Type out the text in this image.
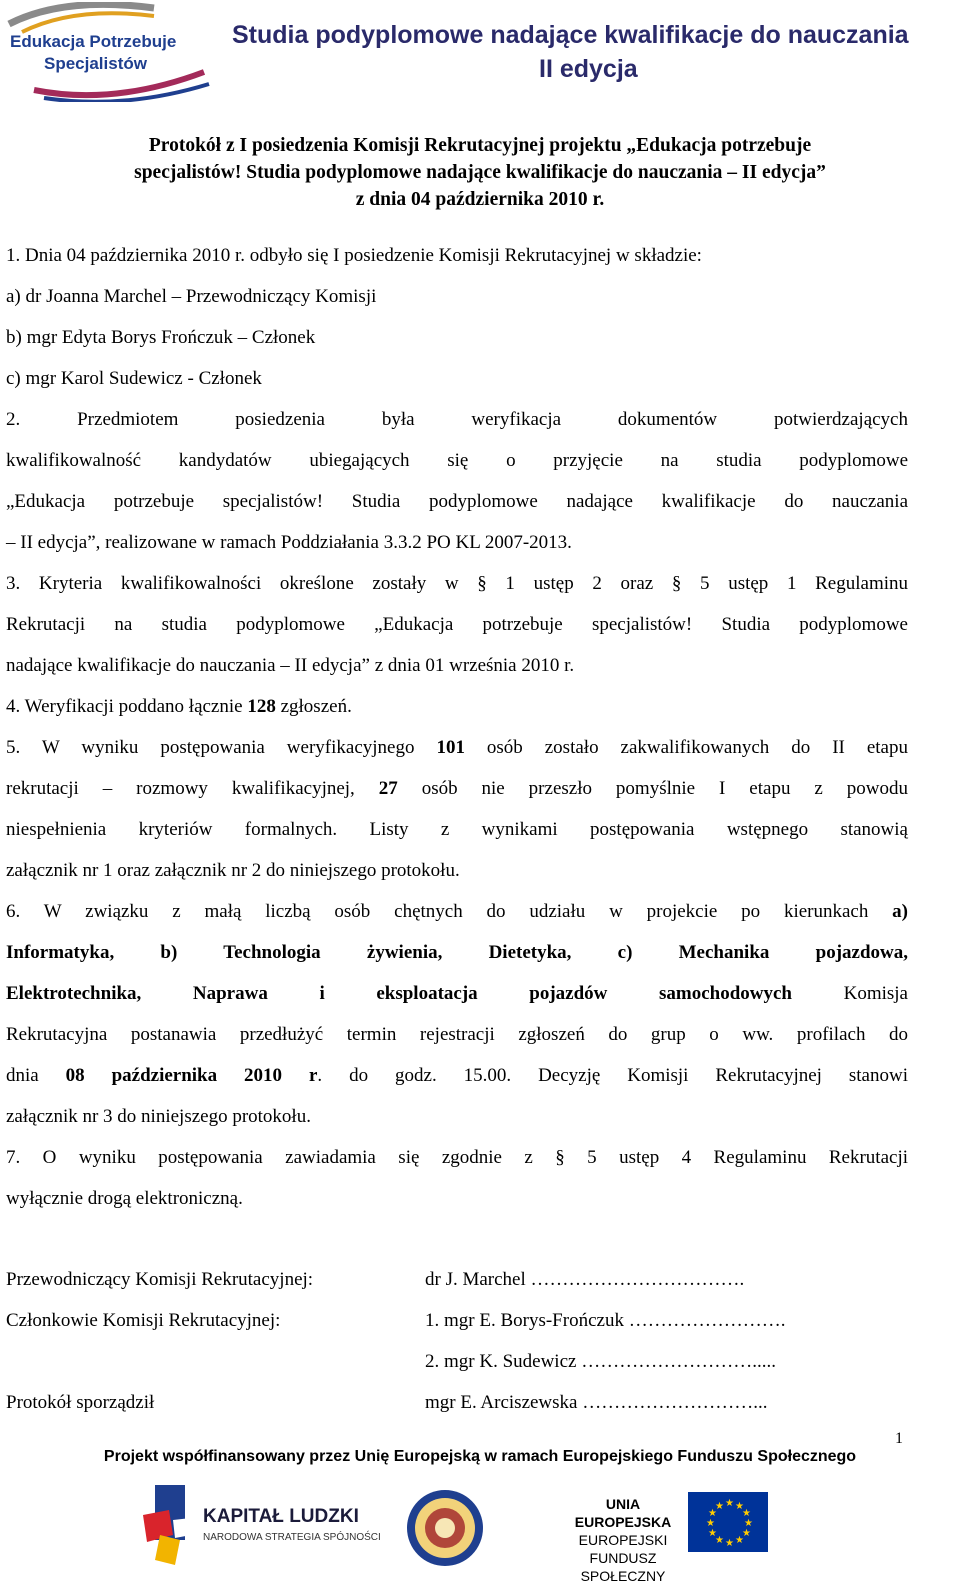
Edukacja Potrzebuje
Specjalistów
Studia podyplomowe nadające kwalifikacje do nauczania
II edycja
Protokół z I posiedzenia Komisji Rekrutacyjnej projektu „Edukacja potrzebuje
specjalistów! Studia podyplomowe nadające kwalifikacje do nauczania – II edycja”
z dnia 04 października 2010 r.
1. Dnia 04 października 2010 r. odbyło się I posiedzenie Komisji Rekrutacyjnej w składzie:
a) dr Joanna Marchel – Przewodniczący Komisji
b) mgr Edyta Borys Frończuk – Członek
c) mgr Karol Sudewicz - Członek
2. Przedmiotem posiedzenia była weryfikacja dokumentów potwierdzających
kwalifikowalność kandydatów ubiegających się o przyjęcie na studia podyplomowe
„Edukacja potrzebuje specjalistów! Studia podyplomowe nadające kwalifikacje do nauczania
– II edycja”, realizowane w ramach Poddziałania 3.3.2 PO KL 2007-2013.
3. Kryteria kwalifikowalności określone zostały w § 1 ustęp 2 oraz § 5 ustęp 1 Regulaminu
Rekrutacji na studia podyplomowe „Edukacja potrzebuje specjalistów! Studia podyplomowe
nadające kwalifikacje do nauczania – II edycja” z dnia 01 września 2010 r.
4. Weryfikacji poddano łącznie 128 zgłoszeń.
5. W wyniku postępowania weryfikacyjnego 101 osób zostało zakwalifikowanych do II etapu
rekrutacji – rozmowy kwalifikacyjnej, 27 osób nie przeszło pomyślnie I etapu z powodu
niespełnienia kryteriów formalnych. Listy z wynikami postępowania wstępnego stanowią
załącznik nr 1 oraz załącznik nr 2 do niniejszego protokołu.
6. W związku z małą liczbą osób chętnych do udziału w projekcie po kierunkach a)
Informatyka, b) Technologia żywienia, Dietetyka, c) Mechanika pojazdowa,
Elektrotechnika, Naprawa i eksploatacja pojazdów samochodowych Komisja
Rekrutacyjna postanawia przedłużyć termin rejestracji zgłoszeń do grup o ww. profilach do
dnia 08 października 2010 r. do godz. 15.00. Decyzję Komisji Rekrutacyjnej stanowi
załącznik nr 3 do niniejszego protokołu.
7. O wyniku postępowania zawiadamia się zgodnie z § 5 ustęp 4 Regulaminu Rekrutacji
wyłącznie drogą elektroniczną.
Przewodniczący Komisji Rekrutacyjnej:	dr J. Marchel …………………………….
Członkowie Komisji Rekrutacyjnej:	1. mgr E. Borys-Frończuk …………………….
2. mgr K. Sudewicz ……………………….....
Protokół sporządził	mgr E. Arciszewska ………………………...
1
Projekt współfinansowany przez Unię Europejską w ramach Europejskiego Funduszu Społecznego
KAPITAŁ LUDZKI
NARODOWA STRATEGIA SPÓJNOŚCI
UNIA EUROPEJSKA
EUROPEJSKI
FUNDUSZ SPOŁECZNY
★ ★
★
★
★
★
★
★
★
★
★
★
